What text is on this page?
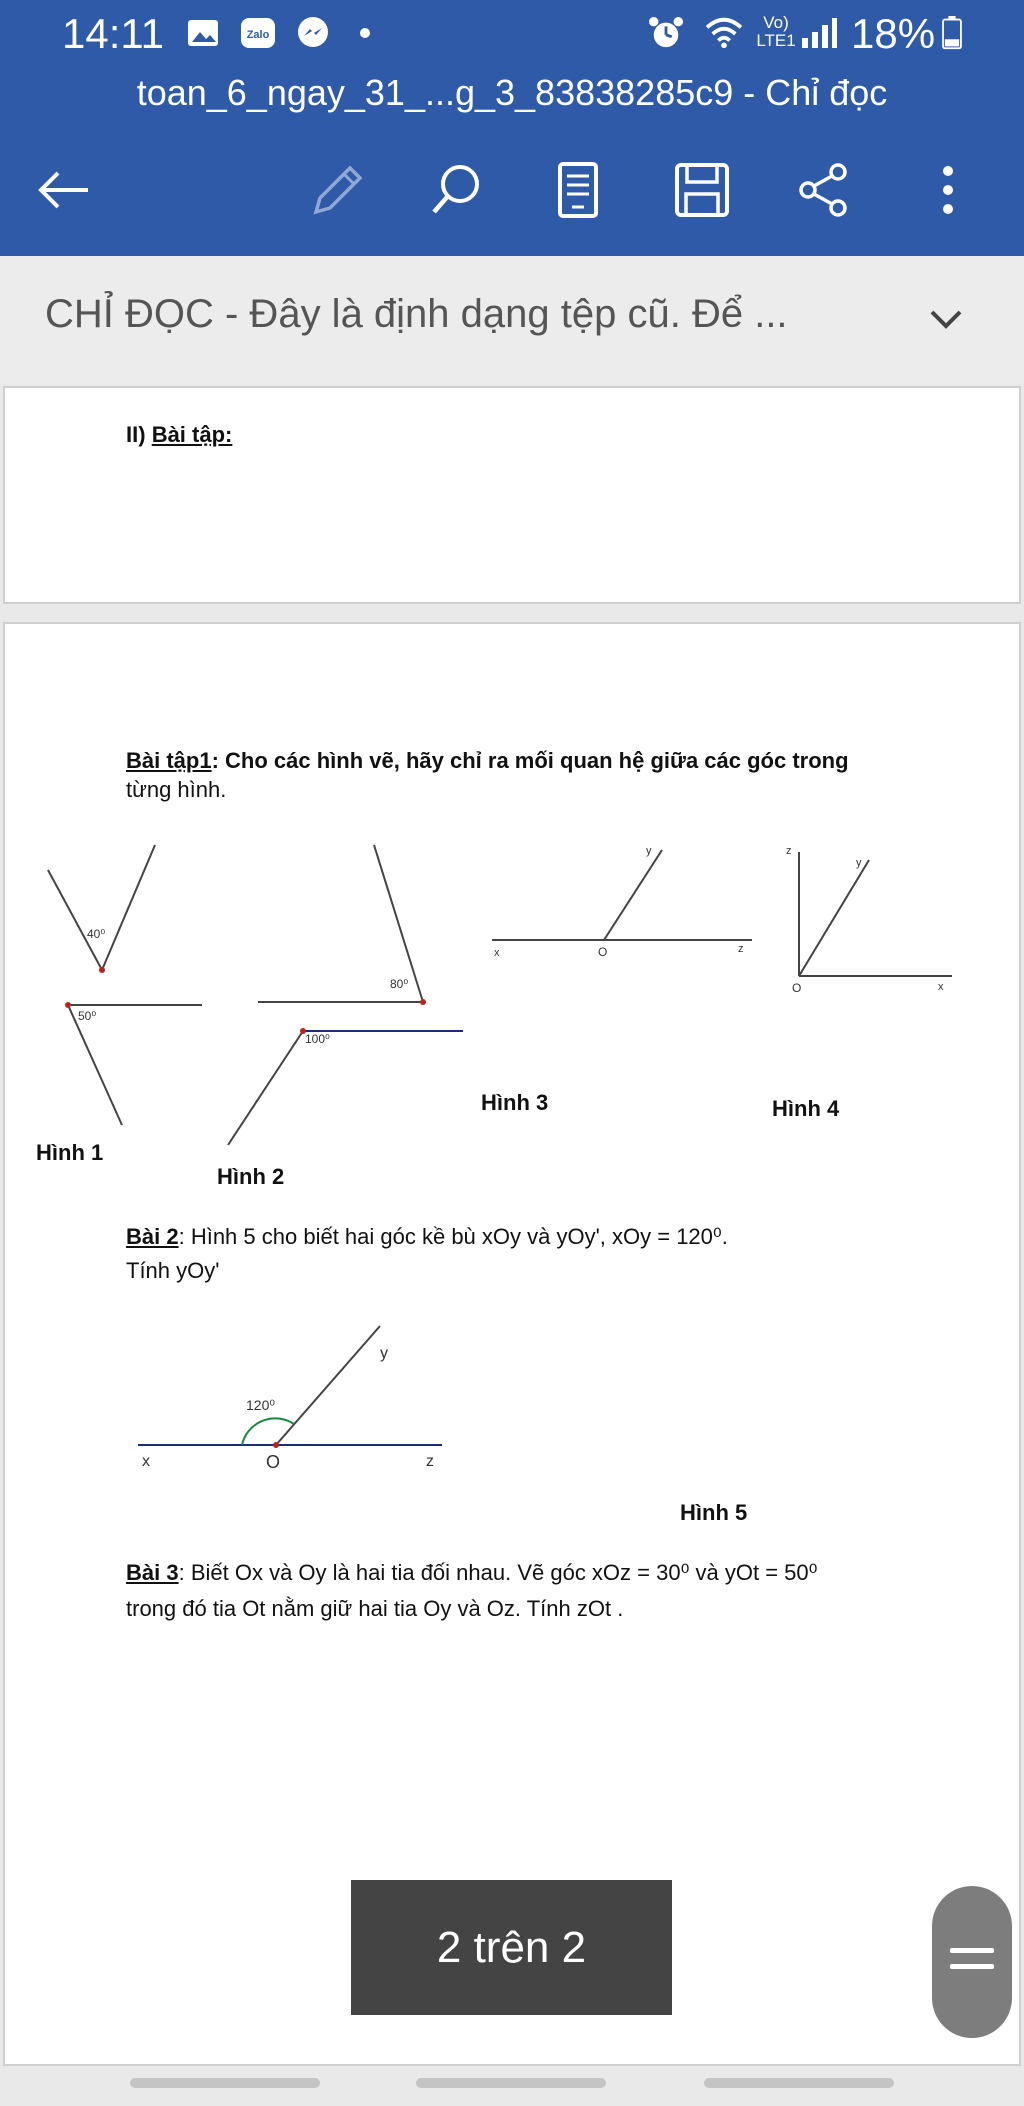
14:11	Zalo
Vo) LTE1 18%
toan_6_ngay_31_...g_3_83838285c9 - Chỉ đọc
CHỈ ĐỌC - Đây là định dạng tệp cũ. Để ...
II) Bài tập:
Bài tập1: Cho các hình vẽ, hãy chỉ ra mối quan hệ giữa các góc trong
từng hình.
40⁰
50⁰
80⁰
100⁰
x	O	z
y	z
y
O	x
Hình 1
Hình 2
Hình 3	Hình 4
Bài 2: Hình 5 cho biết hai góc kề bù xOy và yOy', xOy = 120⁰.
Tính yOy'
120⁰
x	O	z
y
Hình 5
Bài 3: Biết Ox và Oy là hai tia đối nhau. Vẽ góc xOz = 30⁰ và yOt = 50⁰
trong đó tia Ot nằm giữ hai tia Oy và Oz. Tính zOt .
2 trên 2
